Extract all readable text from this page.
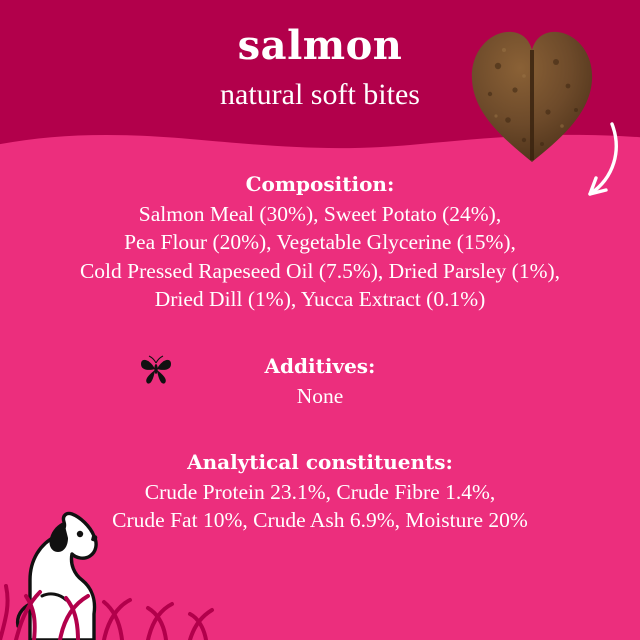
salmon
natural soft bites
Composition:
Salmon Meal (30%), Sweet Potato (24%),
Pea Flour (20%), Vegetable Glycerine (15%),
Cold Pressed Rapeseed Oil (7.5%), Dried Parsley (1%),
Dried Dill (1%), Yucca Extract (0.1%)
Additives:
None
Analytical constituents:
Crude Protein 23.1%, Crude Fibre 1.4%,
Crude Fat 10%, Crude Ash 6.9%, Moisture 20%
